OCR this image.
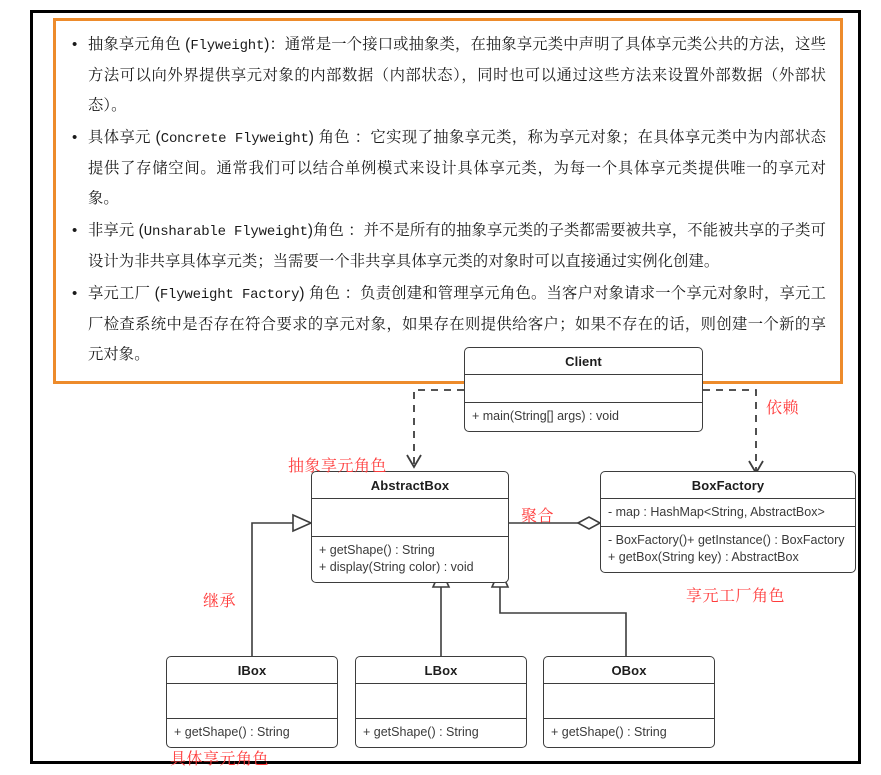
• 抽象享元角色 (Flyweight)：通常是一个接口或抽象类，在抽象享元类中声明了具体享元类公共的方法，这些方法可以向外界提供享元对象的内部数据（内部状态），同时也可以通过这些方法来设置外部数据（外部状态）。
• 具体享元 (Concrete Flyweight) 角色 ：它实现了抽象享元类，称为享元对象；在具体享元类中为内部状态提供了存储空间。通常我们可以结合单例模式来设计具体享元类，为每一个具体享元类提供唯一的享元对象。
• 非享元 (Unsharable Flyweight)角色 ：并不是所有的抽象享元类的子类都需要被共享，不能被共享的子类可设计为非共享具体享元类；当需要一个非共享具体享元类的对象时可以直接通过实例化创建。
• 享元工厂 (Flyweight Factory) 角色 ：负责创建和管理享元角色。当客户对象请求一个享元对象时，享元工厂检查系统中是否存在符合要求的享元对象，如果存在则提供给客户；如果不存在的话，则创建一个新的享元对象。	Client
+ main(String[] args) : void
AbstractBox
+ getShape() : String
+ display(String color) : void
BoxFactory
- map : HashMap<String, AbstractBox>
- BoxFactory()+ getInstance() : BoxFactory
+ getBox(String key) : AbstractBox
IBox
+ getShape() : String
LBox
+ getShape() : String
OBox
+ getShape() : String
抽象享元角色
依赖
聚合
继承	享元工厂角色
具体享元角色
